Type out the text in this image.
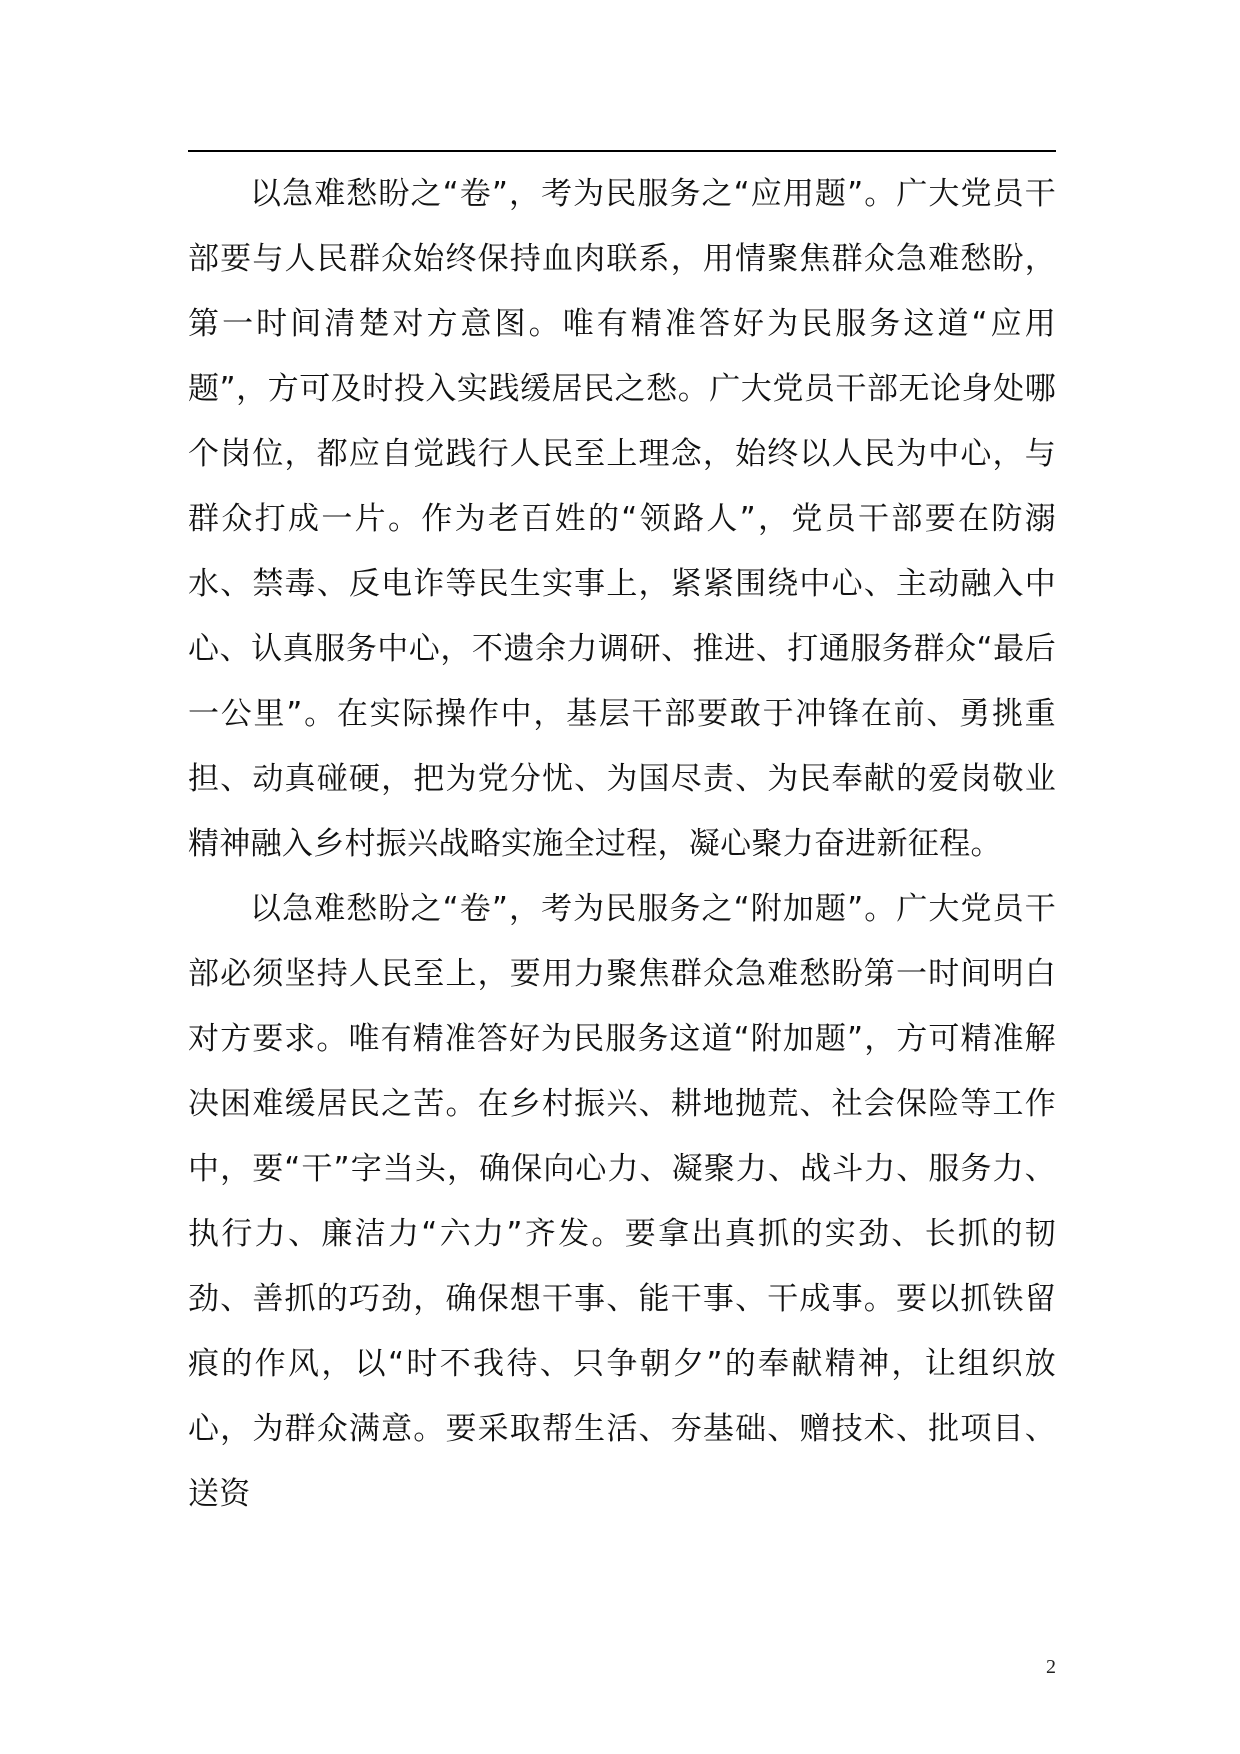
以急难愁盼之“卷”，考为民服务之“应用题”。广大党员干部要与人民群众始终保持血肉联系，用情聚焦群众急难愁盼，第一时间清楚对方意图。唯有精准答好为民服务这道“应用题”，方可及时投入实践缓居民之愁。广大党员干部无论身处哪个岗位，都应自觉践行人民至上理念，始终以人民为中心，与群众打成一片。作为老百姓的“领路人”，党员干部要在防溺水、禁毒、反电诈等民生实事上，紧紧围绕中心、主动融入中心、认真服务中心，不遗余力调研、推进、打通服务群众“最后一公里”。在实际操作中，基层干部要敢于冲锋在前、勇挑重担、动真碰硬，把为党分忧、为国尽责、为民奉献的爱岗敬业精神融入乡村振兴战略实施全过程，凝心聚力奋进新征程。

以急难愁盼之“卷”，考为民服务之“附加题”。广大党员干部必须坚持人民至上，要用力聚焦群众急难愁盼第一时间明白对方要求。唯有精准答好为民服务这道“附加题”，方可精准解决困难缓居民之苦。在乡村振兴、耕地抛荒、社会保险等工作中，要“干”字当头，确保向心力、凝聚力、战斗力、服务力、执行力、廉洁力“六力”齐发。要拿出真抓的实劲、长抓的韧劲、善抓的巧劲，确保想干事、能干事、干成事。要以抓铁留痕的作风，以“时不我待、只争朝夕”的奉献精神，让组织放心，为群众满意。要采取帮生活、夯基础、赠技术、批项目、送资

2
